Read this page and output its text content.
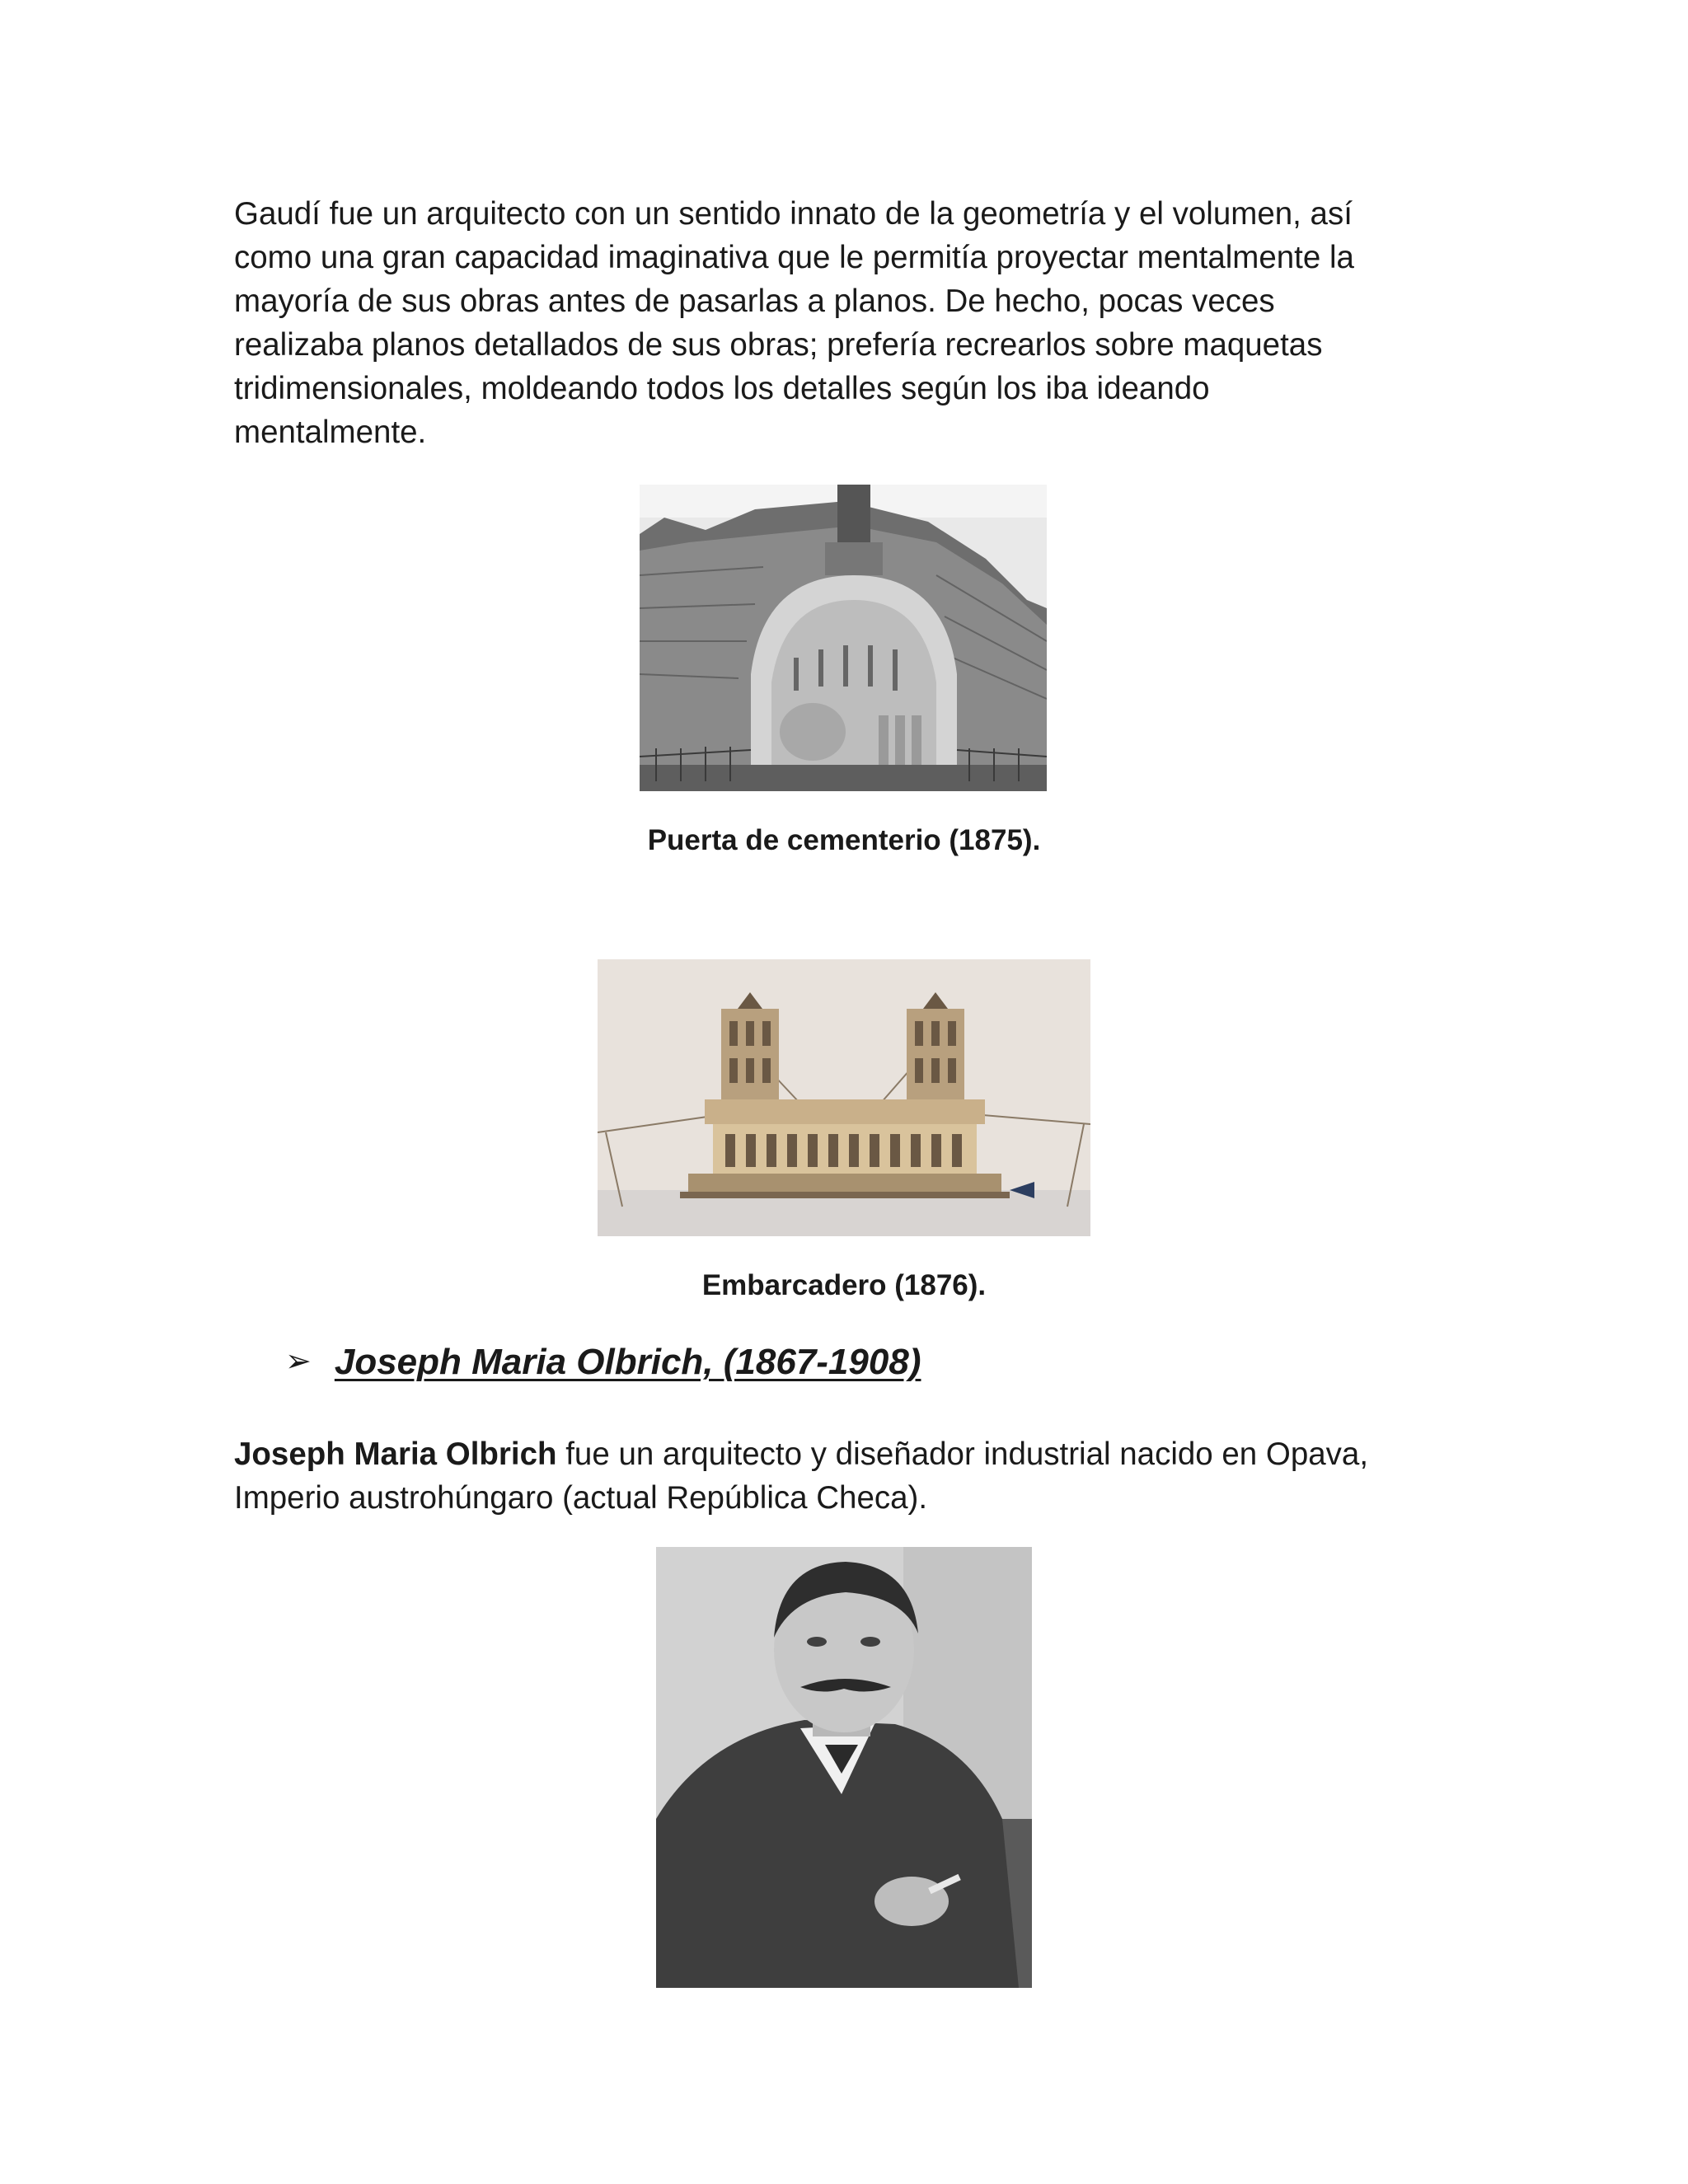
Gaudí fue un arquitecto con un sentido innato de la geometría y el volumen, así
como una gran capacidad imaginativa que le permitía proyectar mentalmente la
mayoría de sus obras antes de pasarlas a planos. De hecho, pocas veces
realizaba planos detallados de sus obras; prefería recrearlos sobre maquetas
tridimensionales, moldeando todos los detalles según los iba ideando
mentalmente.

Puerta de cementerio (1875).

Embarcadero (1876).

➢ Joseph Maria Olbrich, (1867-1908)

Joseph Maria Olbrich fue un arquitecto y diseñador industrial nacido en Opava,
Imperio austrohúngaro (actual República Checa).
